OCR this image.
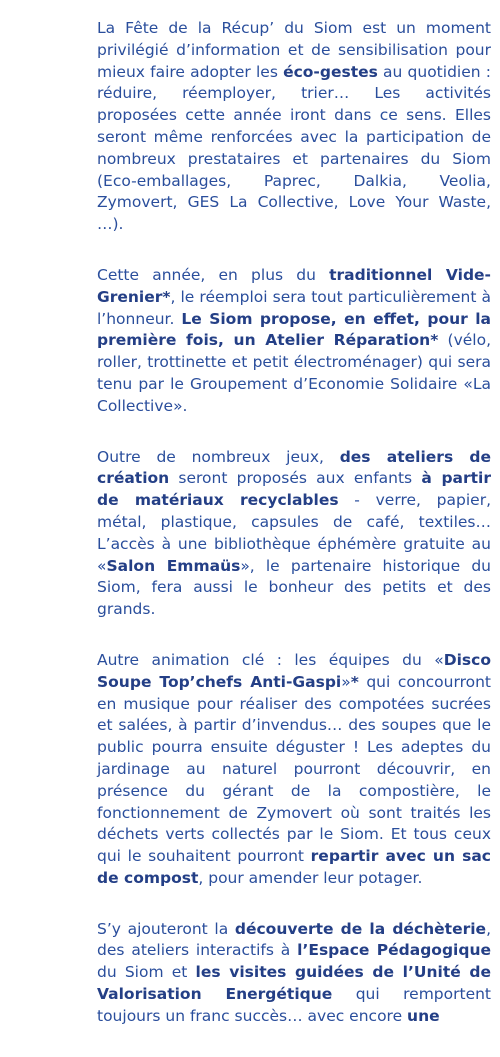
La Fête de la Récup’ du Siom est un moment privilégié d’information et de sensibilisation pour mieux faire adopter les éco-gestes au quotidien : réduire, réemployer, trier… Les activités proposées cette année iront dans ce sens. Elles seront même renforcées avec la participation de nombreux prestataires et partenaires du Siom (Eco-emballages, Paprec, Dalkia, Veolia, Zymovert, GES La Collective, Love Your Waste, …).

Cette année, en plus du traditionnel Vide-Grenier*, le réemploi sera tout particulièrement à l’honneur. Le Siom propose, en effet, pour la première fois, un Atelier Réparation* (vélo, roller, trottinette et petit électroménager) qui sera tenu par le Groupement d’Economie Solidaire «La Collective».

Outre de nombreux jeux, des ateliers de création seront proposés aux enfants à partir de matériaux recyclables - verre, papier, métal, plastique, capsules de café, textiles… L’accès à une bibliothèque éphémère gratuite au «Salon Emmaüs», le partenaire historique du Siom, fera aussi le bonheur des petits et des grands.

Autre animation clé : les équipes du «Disco Soupe Top’chefs Anti-Gaspi»* qui concourront en musique pour réaliser des compotées sucrées et salées, à partir d’invendus… des soupes que le public pourra ensuite déguster ! Les adeptes du jardinage au naturel pourront découvrir, en présence du gérant de la compostière, le fonctionnement de Zymovert où sont traités les déchets verts collectés par le Siom. Et tous ceux qui le souhaitent pourront repartir avec un sac de compost, pour amender leur potager.

S’y ajouteront la découverte de la déchèterie, des ateliers interactifs à l’Espace Pédagogique du Siom et les visites guidées de l’Unité de Valorisation Energétique qui remportent toujours un franc succès… avec encore une
